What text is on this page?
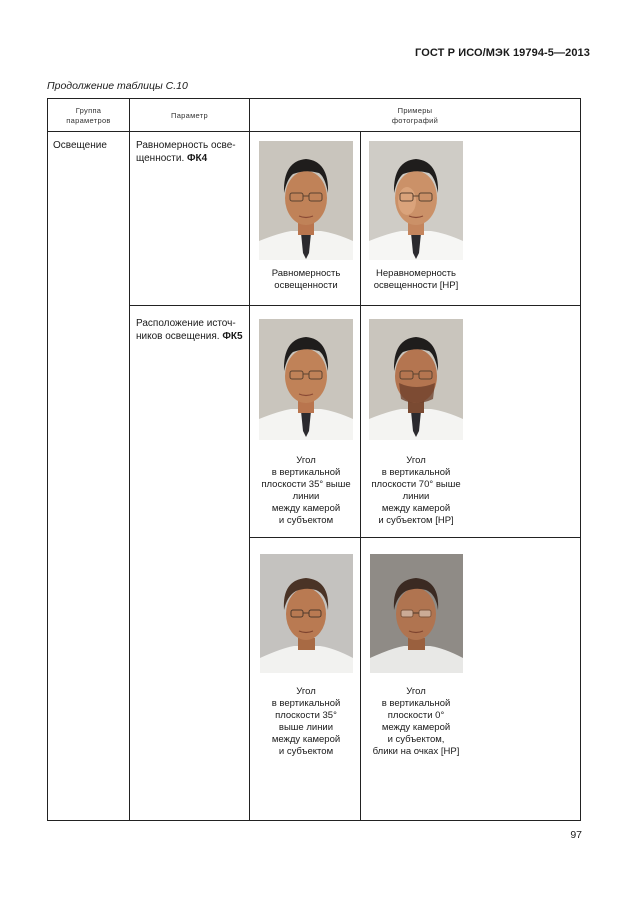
ГОСТ Р ИСО/МЭК 19794-5—2013
Продолжение таблицы С.10
Группа
параметров
Параметр
Примеры
фотографий
Освещение	Равномерность осве-
щенности. ФК4
Расположение источ-
ников освещения. ФК5
Равномерность
освещенности
Неравномерность
освещенности [НР]
Угол
в вертикальной
плоскости 35° выше
линии
между камерой
и субъектом
Угол
в вертикальной
плоскости 70° выше
линии
между камерой
и субъектом [НР]
Угол
в вертикальной
плоскости 35°
выше линии
между камерой
и субъектом
Угол
в вертикальной
плоскости 0°
между камерой
и субъектом,
блики на очках [НР]
97
